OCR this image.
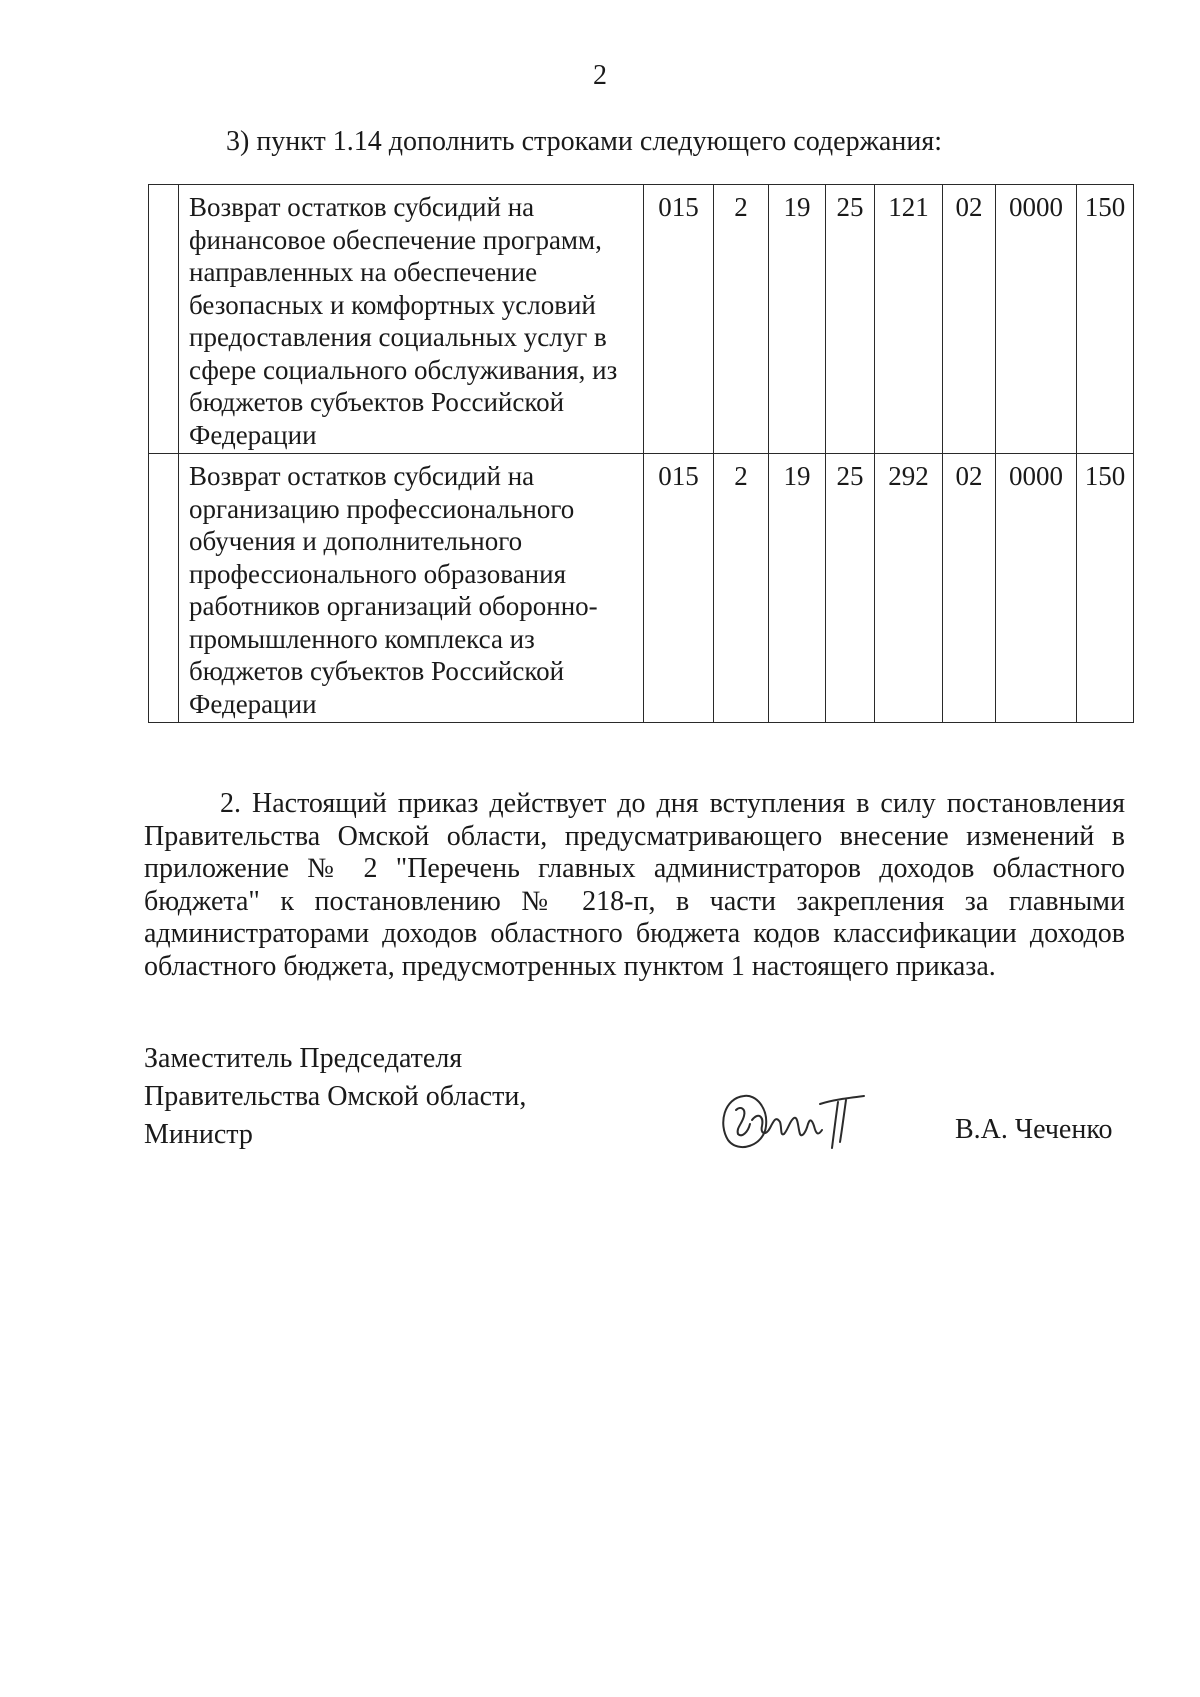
2
3) пункт 1.14 дополнить строками следующего содержания:
	Возврат остатков субсидий на финансовое обеспечение программ, направленных на обеспечение безопасных и комфортных условий предоставления социальных услуг в сфере социального обслуживания, из бюджетов субъектов Российской Федерации	015	2	19	25	121	02	0000	150
	Возврат остатков субсидий на организацию профессионального обучения и дополнительного профессионального образования работников организаций оборонно-промышленного комплекса из бюджетов субъектов Российской Федерации	015	2	19	25	292	02	0000	150
2. Настоящий приказ действует до дня вступления в силу постановления Правительства Омской области, предусматривающего внесение изменений в приложение № 2 "Перечень главных администраторов доходов областного бюджета" к постановлению № 218-п, в части закрепления за главными администраторами доходов областного бюджета кодов классификации доходов областного бюджета, предусмотренных пунктом 1 настоящего приказа.
Заместитель Председателя
Правительства Омской области,
Министр	В.А. Чеченко
